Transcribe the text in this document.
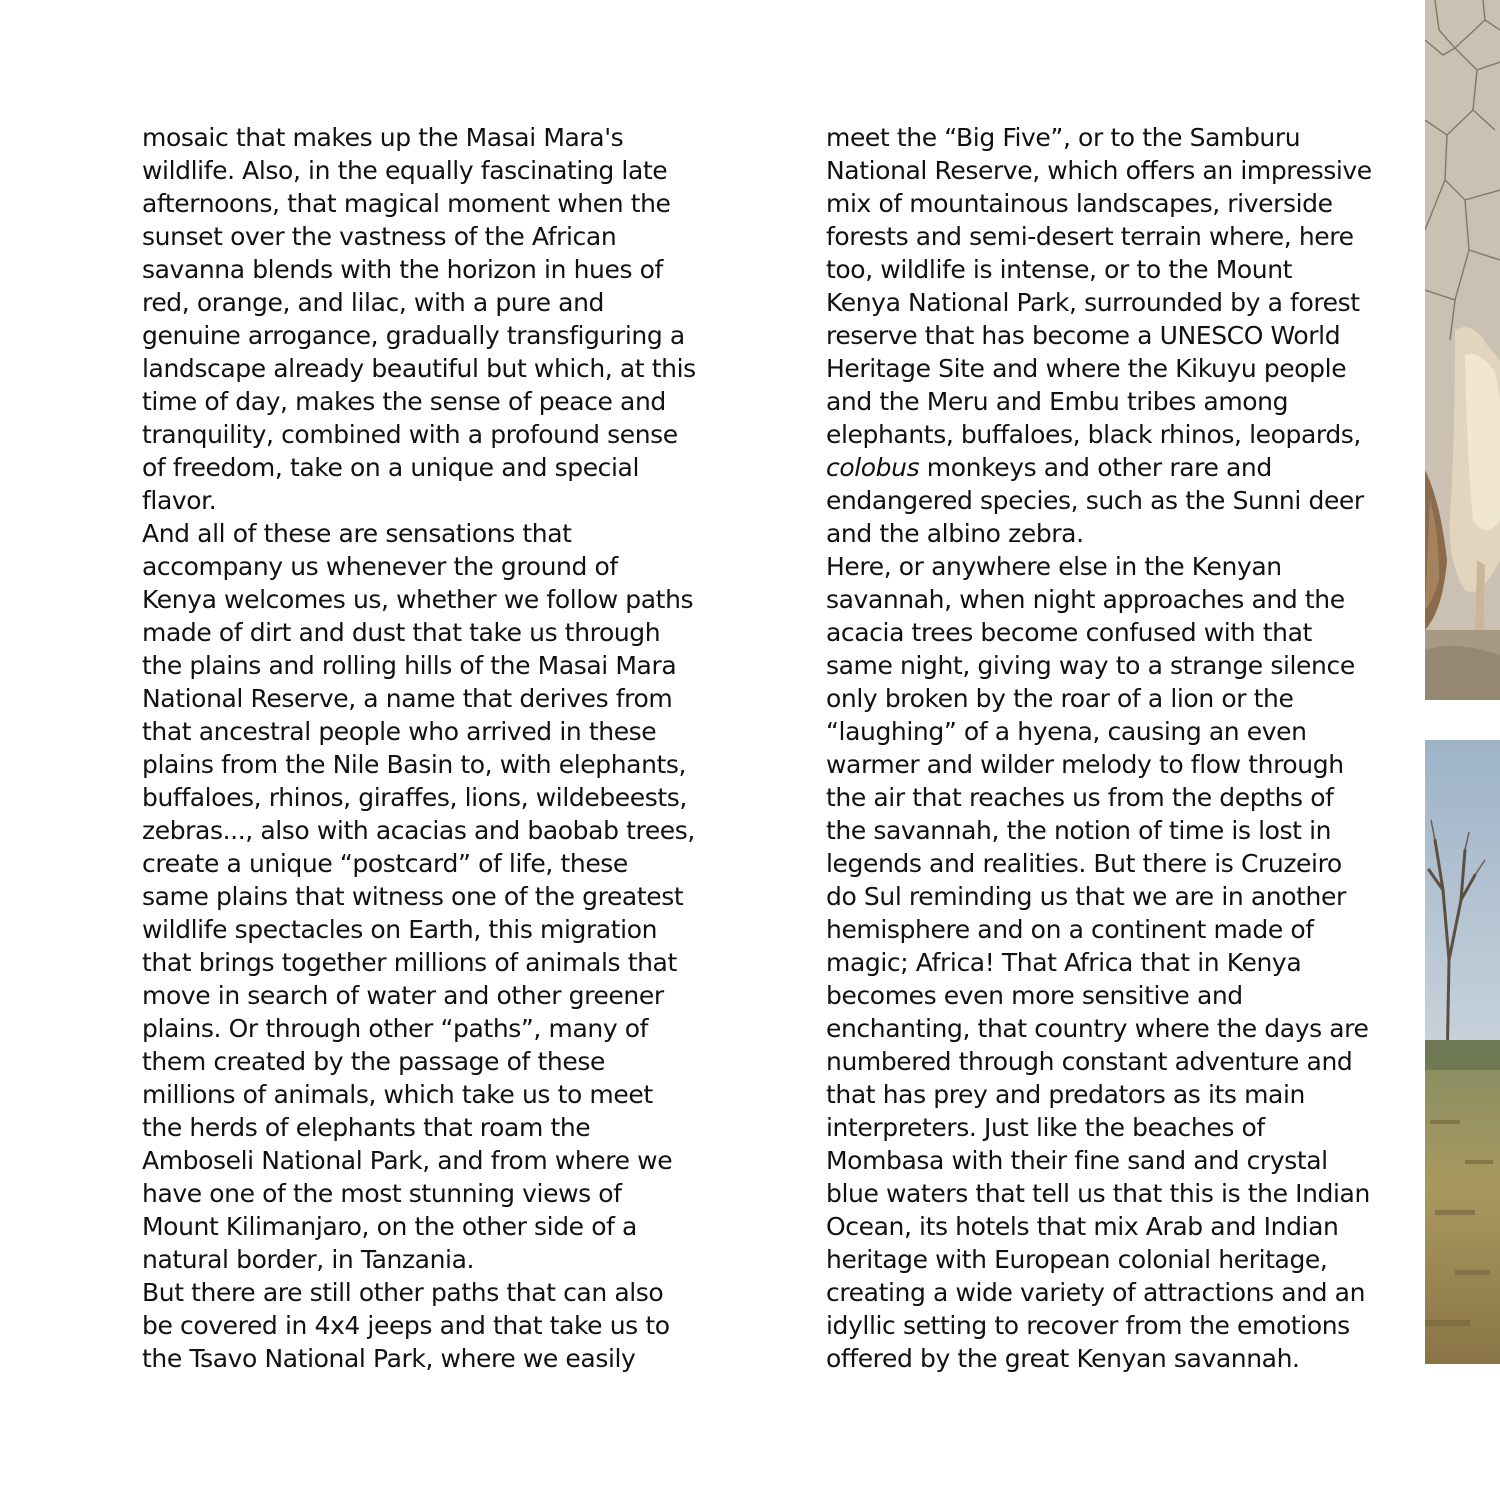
mosaic that makes up the Masai Mara's
wildlife. Also, in the equally fascinating late
afternoons, that magical moment when the
sunset over the vastness of the African
savanna blends with the horizon in hues of
red, orange, and lilac, with a pure and
genuine arrogance, gradually transfiguring a
landscape already beautiful but which, at this
time of day, makes the sense of peace and
tranquility, combined with a profound sense
of freedom, take on a unique and special
flavor.
And all of these are sensations that
accompany us whenever the ground of
Kenya welcomes us, whether we follow paths
made of dirt and dust that take us through
the plains and rolling hills of the Masai Mara
National Reserve, a name that derives from
that ancestral people who arrived in these
plains from the Nile Basin to, with elephants,
buffaloes, rhinos, giraffes, lions, wildebeests,
zebras..., also with acacias and baobab trees,
create a unique “postcard” of life, these
same plains that witness one of the greatest
wildlife spectacles on Earth, this migration
that brings together millions of animals that
move in search of water and other greener
plains. Or through other “paths”, many of
them created by the passage of these
millions of animals, which take us to meet
the herds of elephants that roam the
Amboseli National Park, and from where we
have one of the most stunning views of
Mount Kilimanjaro, on the other side of a
natural border, in Tanzania.
But there are still other paths that can also
be covered in 4x4 jeeps and that take us to
the Tsavo National Park, where we easily
meet the “Big Five”, or to the Samburu
National Reserve, which offers an impressive
mix of mountainous landscapes, riverside
forests and semi-desert terrain where, here
too, wildlife is intense, or to the Mount
Kenya National Park, surrounded by a forest
reserve that has become a UNESCO World
Heritage Site and where the Kikuyu people
and the Meru and Embu tribes among
elephants, buffaloes, black rhinos, leopards,
colobus monkeys and other rare and
endangered species, such as the Sunni deer
and the albino zebra.
Here, or anywhere else in the Kenyan
savannah, when night approaches and the
acacia trees become confused with that
same night, giving way to a strange silence
only broken by the roar of a lion or the
“laughing” of a hyena, causing an even
warmer and wilder melody to flow through
the air that reaches us from the depths of
the savannah, the notion of time is lost in
legends and realities. But there is Cruzeiro
do Sul reminding us that we are in another
hemisphere and on a continent made of
magic; Africa! That Africa that in Kenya
becomes even more sensitive and
enchanting, that country where the days are
numbered through constant adventure and
that has prey and predators as its main
interpreters. Just like the beaches of
Mombasa with their fine sand and crystal
blue waters that tell us that this is the Indian
Ocean, its hotels that mix Arab and Indian
heritage with European colonial heritage,
creating a wide variety of attractions and an
idyllic setting to recover from the emotions
offered by the great Kenyan savannah.
